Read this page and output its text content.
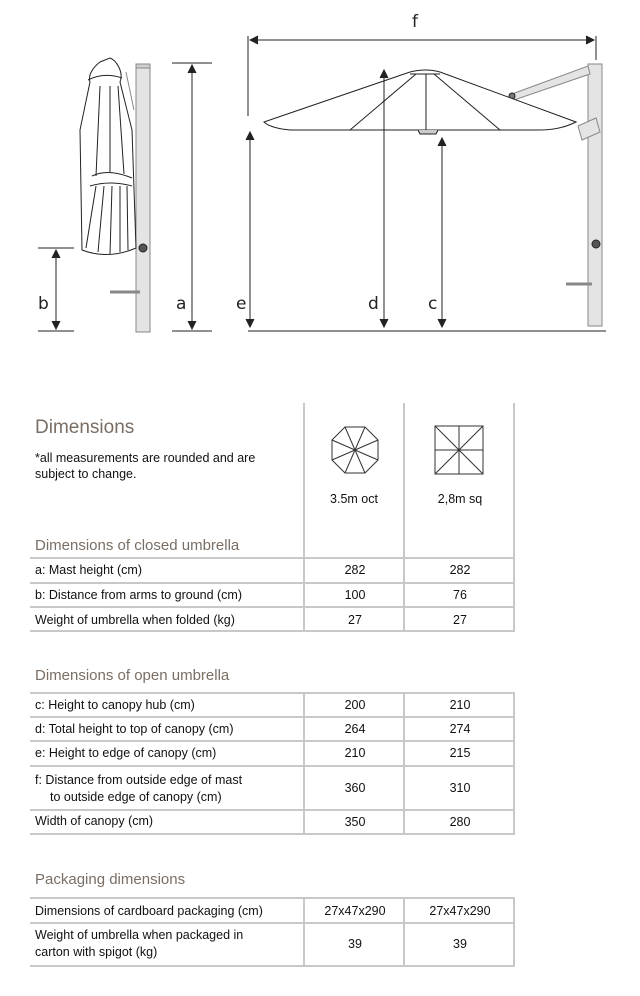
b	a	e	d	c
f
Dimensions
*all measurements are rounded and are subject to change.
3.5m oct	2,8m sq
Dimensions of closed umbrella
a: Mast height (cm)	282	282
b: Distance from arms to ground (cm)	100	76
Weight of umbrella when folded (kg)	27	27
Dimensions of open umbrella
c: Height to canopy hub (cm)	200	210
d: Total height to top of canopy (cm)	264	274
e: Height to edge of canopy (cm)	210	215
f: Distance from outside edge of mast
to outside edge of canopy (cm)
360	310
Width of canopy (cm)	350	280
Packaging dimensions
Dimensions of cardboard packaging (cm)	27x47x290	27x47x290
Weight of umbrella when packaged in
carton with spigot (kg)
39	39
